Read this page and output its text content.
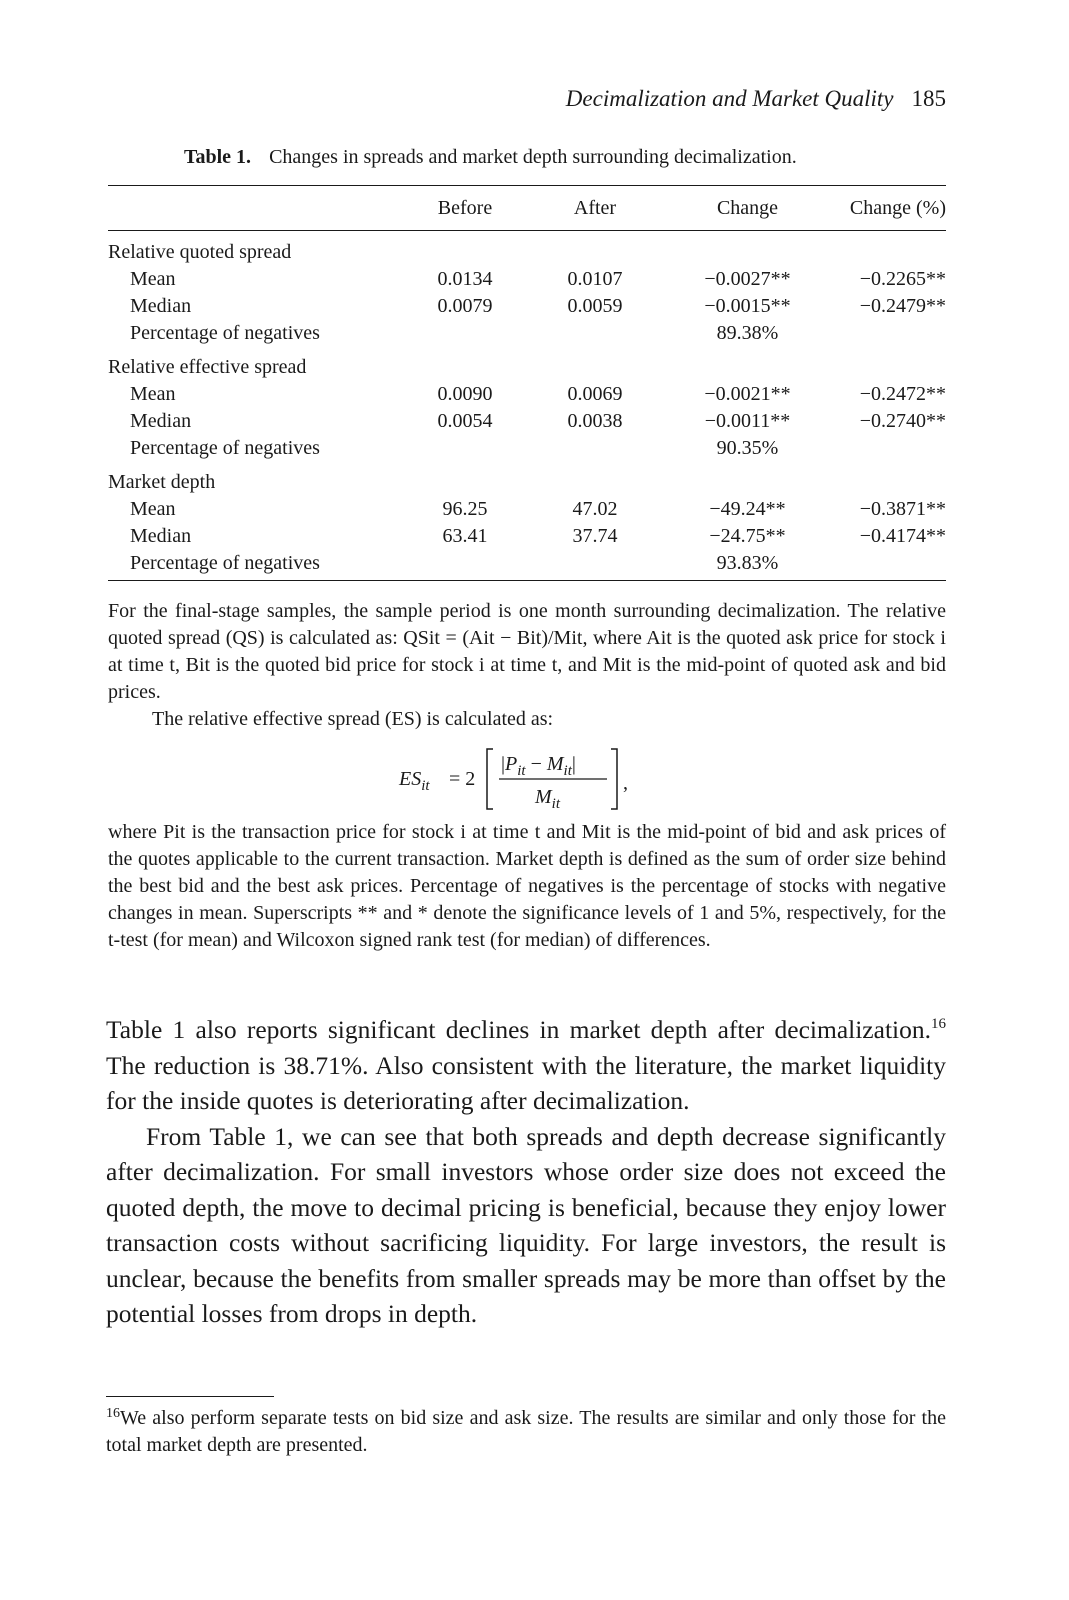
Decimalization and Market Quality 185
Table 1. Changes in spreads and market depth surrounding decimalization.
	Before	After	Change	Change (%)

Relative quoted spread				
Mean	0.0134	0.0107	−0.0027**	−0.2265**
Median	0.0079	0.0059	−0.0015**	−0.2479**
Percentage of negatives			89.38%	
Relative effective spread				
Mean	0.0090	0.0069	−0.0021**	−0.2472**
Median	0.0054	0.0038	−0.0011**	−0.2740**
Percentage of negatives			90.35%	
Market depth				
Mean	96.25	47.02	−49.24**	−0.3871**
Median	63.41	37.74	−24.75**	−0.4174**
Percentage of negatives			93.83%	

For the final-stage samples, the sample period is one month surrounding decimalization. The relative quoted spread (QS) is calculated as: QSit = (Ait − Bit)/Mit, where Ait is the quoted ask price for stock i at time t, Bit is the quoted bid price for stock i at time t, and Mit is the mid-point of quoted ask and bid prices.

The relative effective spread (ES) is calculated as:

$ES_{it} = 2$
$|P_{it} - M_{it}|$
$M_{it}$
,

where Pit is the transaction price for stock i at time t and Mit is the mid-point of bid and ask prices of the quotes applicable to the current transaction. Market depth is defined as the sum of order size behind the best bid and the best ask prices. Percentage of negatives is the percentage of stocks with negative changes in mean. Superscripts ** and * denote the significance levels of 1 and 5%, respectively, for the t-test (for mean) and Wilcoxon signed rank test (for median) of differences.

Table 1 also reports significant declines in market depth after decimalization.$^{16}$ The reduction is 38.71%. Also consistent with the literature, the market liquidity for the inside quotes is deteriorating after decimalization.

From Table 1, we can see that both spreads and depth decrease significantly after decimalization. For small investors whose order size does not exceed the quoted depth, the move to decimal pricing is beneficial, because they enjoy lower transaction costs without sacrificing liquidity. For large investors, the result is unclear, because the benefits from smaller spreads may be more than offset by the potential losses from drops in depth.

$^{16}$We also perform separate tests on bid size and ask size. The results are similar and only those for the total market depth are presented.
